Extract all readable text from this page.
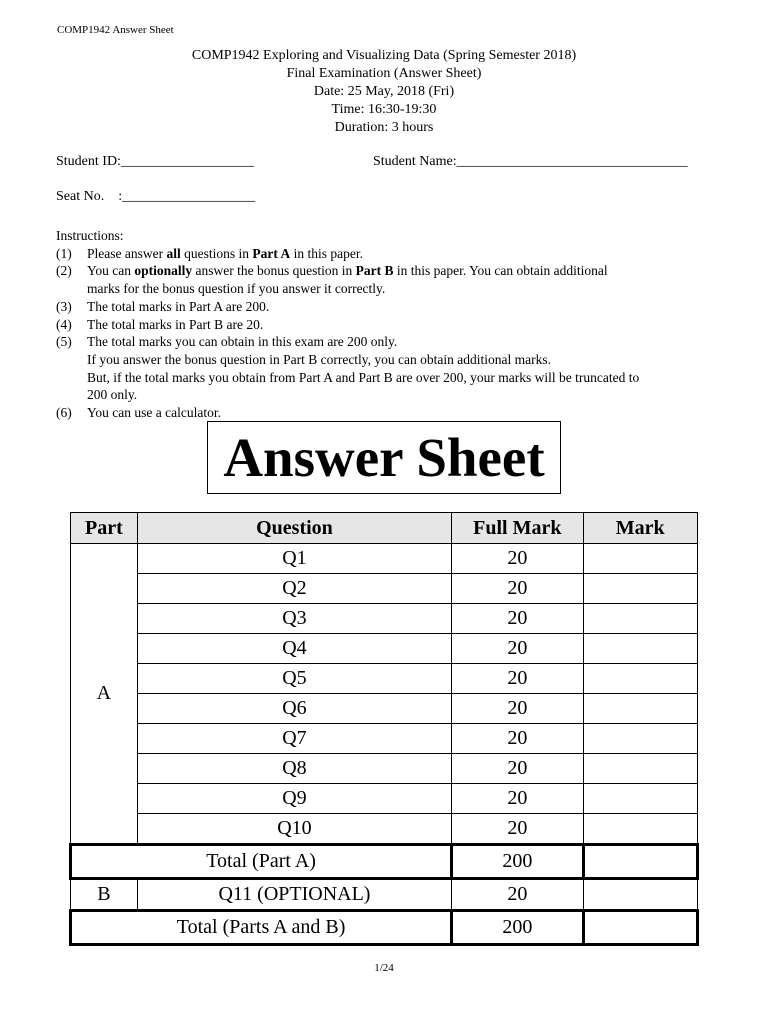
COMP1942 Answer Sheet
COMP1942 Exploring and Visualizing Data (Spring Semester 2018)
Final Examination (Answer Sheet)
Date: 25 May, 2018 (Fri)
Time: 16:30-19:30
Duration: 3 hours
Student ID:___________________	Student Name:_________________________________
Seat No.    :___________________
Instructions:
(1) Please answer all questions in Part A in this paper.
(2) You can optionally answer the bonus question in Part B in this paper. You can obtain additional
marks for the bonus question if you answer it correctly.
(3) The total marks in Part A are 200.
(4) The total marks in Part B are 20.
(5) The total marks you can obtain in this exam are 200 only.
If you answer the bonus question in Part B correctly, you can obtain additional marks.
But, if the total marks you obtain from Part A and Part B are over 200, your marks will be truncated to
200 only.
(6) You can use a calculator.
Answer Sheet
Part	Question	Full Mark	Mark
A	Q1	20	
	Q2	20	
	Q3	20	
	Q4	20	
	Q5	20	
	Q6	20	
	Q7	20	
	Q8	20	
	Q9	20	
	Q10	20	
Total (Part A)		200	
B	Q11 (OPTIONAL)	20	
Total (Parts A and B)		200	
1/24
